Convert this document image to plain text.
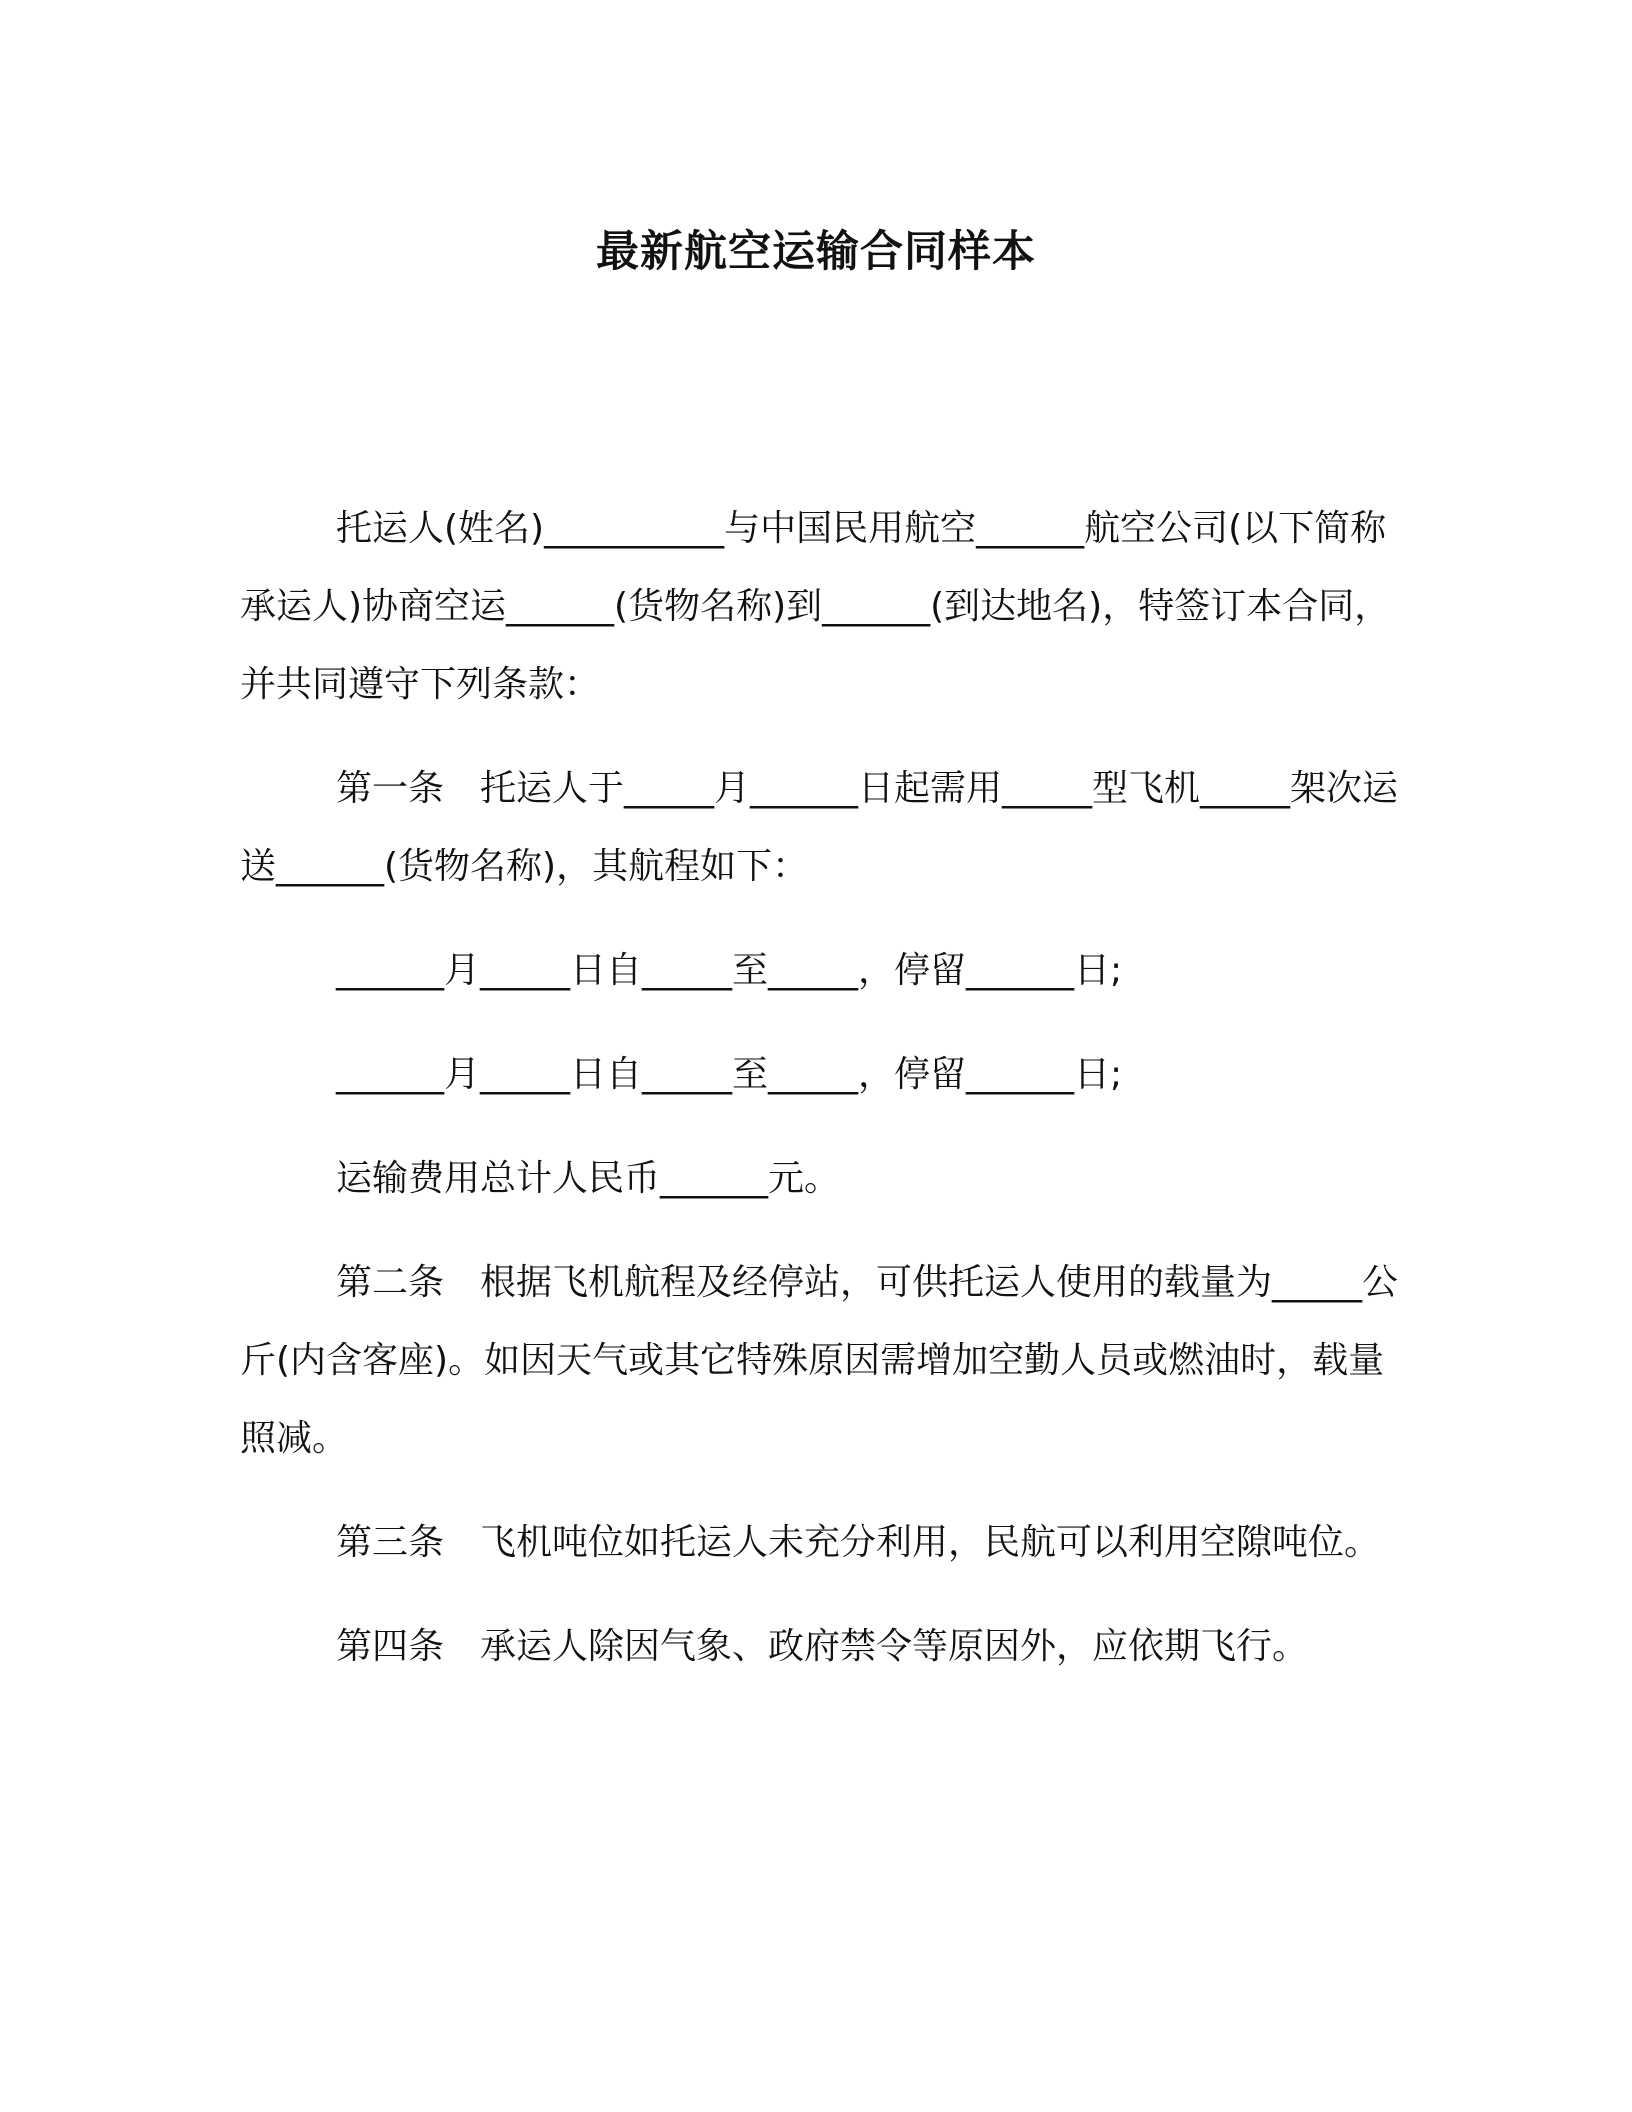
最新航空运输合同样本

托运人(姓名)__________与中国民用航空______航空公司(以下简称承运人)协商空运______(货物名称)到______(到达地名)，特签订本合同，并共同遵守下列条款：

第一条　托运人于_____月______日起需用_____型飞机_____架次运送______(货物名称)，其航程如下：

______月_____日自_____至_____，停留______日;

______月_____日自_____至_____，停留______日;

运输费用总计人民币______元。

第二条　根据飞机航程及经停站，可供托运人使用的载量为_____公斤(内含客座)。如因天气或其它特殊原因需增加空勤人员或燃油时，载量照减。

第三条　飞机吨位如托运人未充分利用，民航可以利用空隙吨位。

第四条　承运人除因气象、政府禁令等原因外，应依期飞行。
